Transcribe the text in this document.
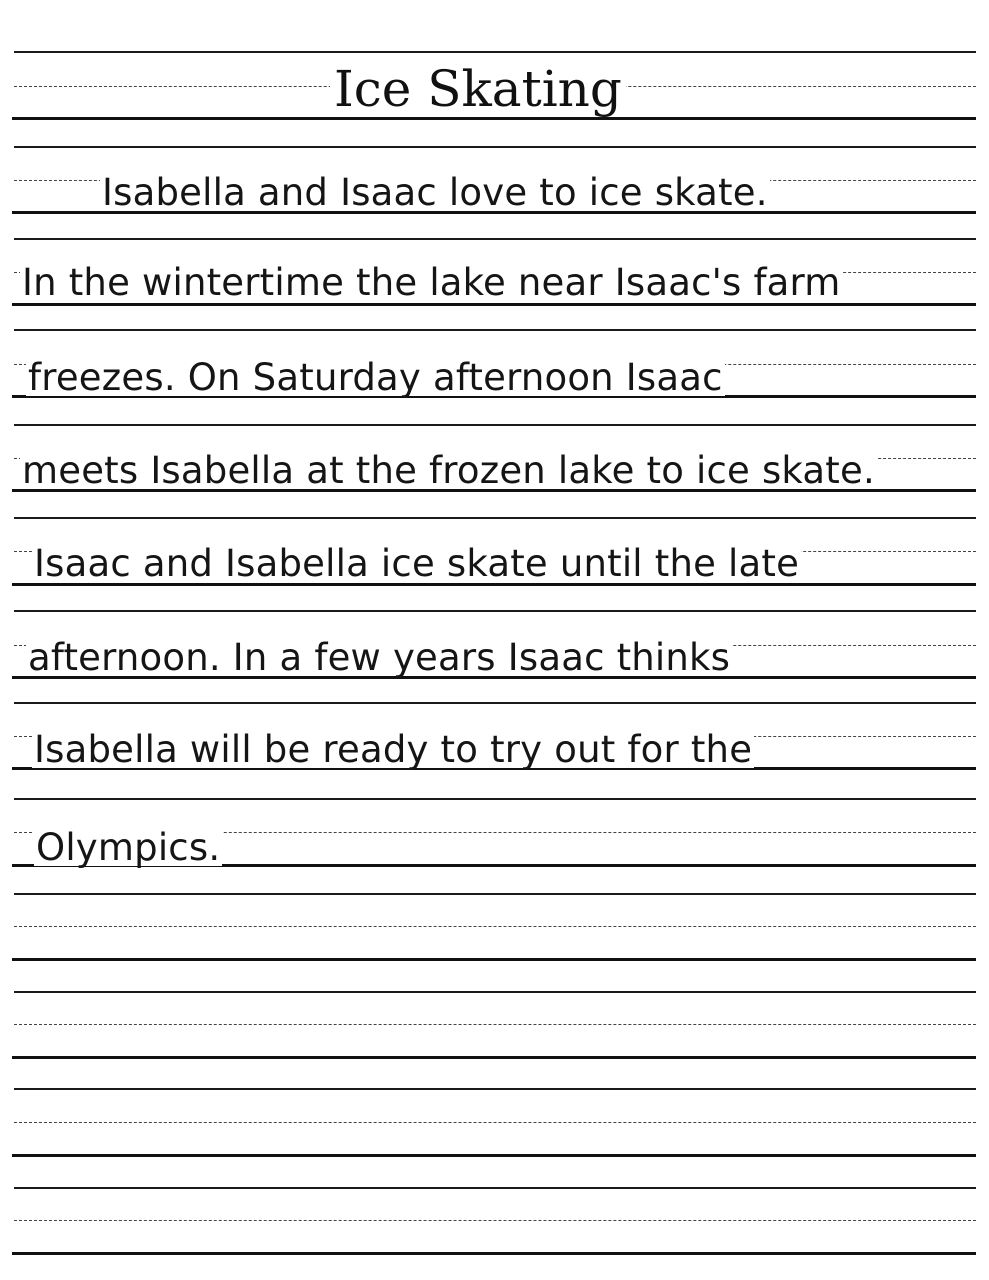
Ice Skating
Isabella and Isaac love to ice skate.
In the wintertime the lake near Isaac's farm
freezes. On Saturday afternoon Isaac
meets Isabella at the frozen lake to ice skate.
Isaac and Isabella ice skate until the late
afternoon. In a few years Isaac thinks
Isabella will be ready to try out for the
Olympics.
